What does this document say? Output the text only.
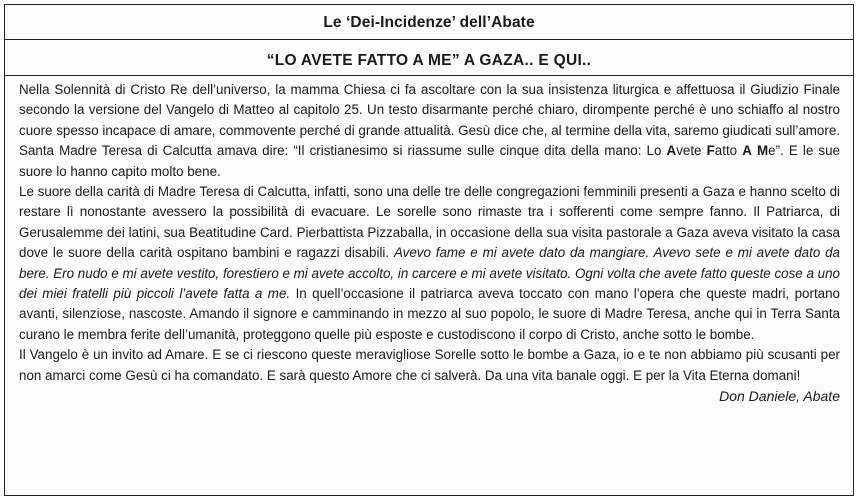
Le ‘Dei-Incidenze’ dell’Abate
“LO AVETE FATTO A ME” A GAZA.. E QUI..

Nella Solennità di Cristo Re dell’universo, la mamma Chiesa ci fa ascoltare con la sua insistenza liturgica e affettuosa il Giudizio Finale secondo la versione del Vangelo di Matteo al capitolo 25. Un testo disarmante perché chiaro, dirompente perché è uno schiaffo al nostro cuore spesso incapace di amare, commovente perché di grande attualità. Gesù dice che, al termine della vita, saremo giudicati sull’amore. Santa Madre Teresa di Calcutta amava dire: “Il cristianesimo si riassume sulle cinque dita della mano: Lo Avete Fatto A Me”. E le sue suore lo hanno capito molto bene.

Le suore della carità di Madre Teresa di Calcutta, infatti, sono una delle tre delle congregazioni femminili presenti a Gaza e hanno scelto di restare lì nonostante avessero la possibilità di evacuare. Le sorelle sono rimaste tra i sofferenti come sempre fanno. Il Patriarca, di Gerusalemme dei latini, sua Beatitudine Card. Pierbattista Pizzaballa, in occasione della sua visita pastorale a Gaza aveva visitato la casa dove le suore della carità ospitano bambini e ragazzi disabili. Avevo fame e mi avete dato da mangiare. Avevo sete e mi avete dato da bere. Ero nudo e mi avete vestito, forestiero e mi avete accolto, in carcere e mi avete visitato. Ogni volta che avete fatto queste cose a uno dei miei fratelli più piccoli l’avete fatta a me. In quell’occasione il patriarca aveva toccato con mano l’opera che queste madri, portano avanti, silenziose, nascoste. Amando il signore e camminando in mezzo al suo popolo, le suore di Madre Teresa, anche qui in Terra Santa curano le membra ferite dell’umanità, proteggono quelle più esposte e custodiscono il corpo di Cristo, anche sotto le bombe.

Il Vangelo è un invito ad Amare. E se ci riescono queste meravigliose Sorelle sotto le bombe a Gaza, io e te non abbiamo più scusanti per non amarci come Gesù ci ha comandato. E sarà questo Amore che ci salverà. Da una vita banale oggi. E per la Vita Eterna domani!
Don Daniele, Abate
